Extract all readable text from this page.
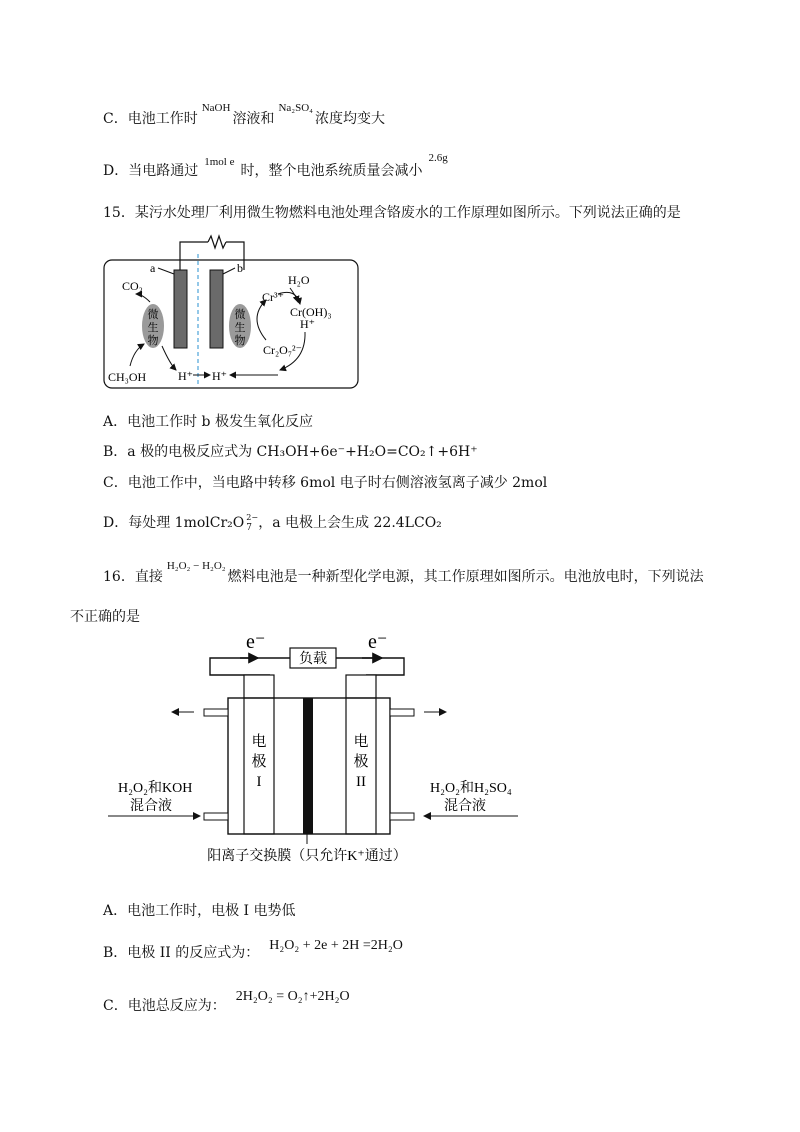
C．电池工作时$^{NaOH}$溶液和$^{Na_2SO_4}$浓度均变大
D．当电路通过$^{1mol e}$时，整个电池系统质量会减小$^{2.6g}$
15．某污水处理厂利用微生物燃料电池处理含铬废水的工作原理如图所示。下列说法正确的是
a	b
微
生
物
微
生
物
CO₂
CH₃OH	H⁺ H⁺
Cr³⁺
H₂O
Cr(OH)₃
H⁺
Cr₂O₇²⁻
A．电池工作时 b 极发生氧化反应
B．a 极的电极反应式为 CH₃OH+6e⁻+H₂O=CO₂↑+6H⁺
C．电池工作中，当电路中转移 6mol 电子时右侧溶液氢离子减少 2mol
D．每处理 1molCr₂O 2−
7 ，a 电极上会生成 22.4LCO₂
16．直接$^{H_2O_2 - H_2O_2}$燃料电池是一种新型化学电源，其工作原理如图所示。电池放电时，下列说法
不正确的是
负载
e⁻	e⁻
电
极
I
电
极
II
H₂O₂和KOH
混合液
H₂O₂和H₂SO₄
混合液
阳离子交换膜（只允许K⁺通过）
A．电池工作时，电极 I 电势低
B．电极 II 的反应式为： H₂O₂ + 2e + 2H =2H₂O
C．电池总反应为：2H₂O₂ = O₂↑+2H₂O
